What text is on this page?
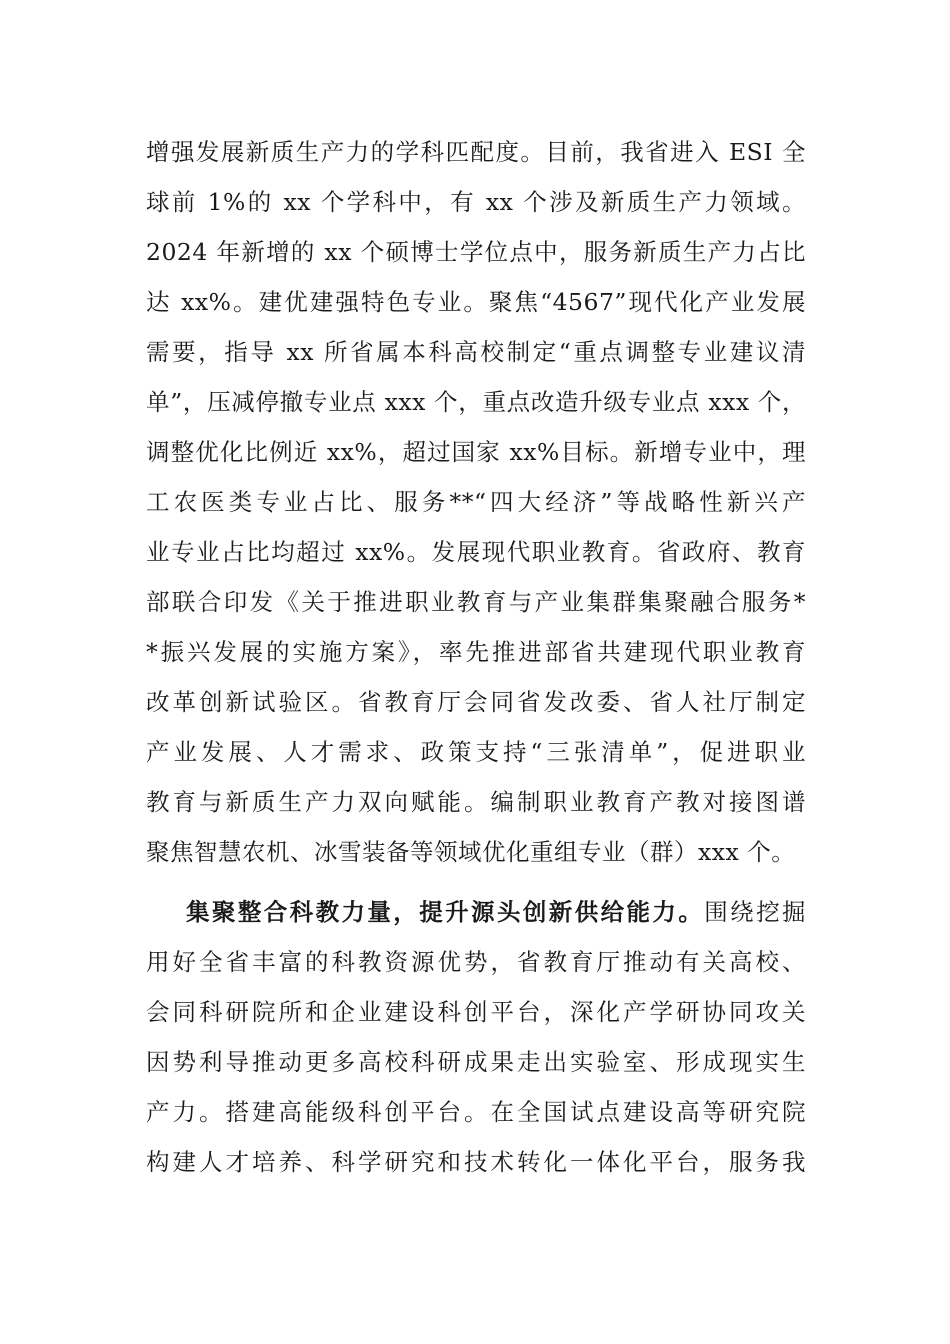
增强发展新质生产力的学科匹配度。目前，我省进入 ESI 全
球前 1%的 xx 个学科中，有 xx 个涉及新质生产力领域。
2024 年新增的 xx 个硕博士学位点中，服务新质生产力占比
达 xx%。建优建强特色专业。聚焦“4567”现代化产业发展
需要，指导 xx 所省属本科高校制定“重点调整专业建议清
单”，压减停撤专业点 xxx 个，重点改造升级专业点 xxx 个，
调整优化比例近 xx%，超过国家 xx%目标。新增专业中，理
工农医类专业占比、服务**“四大经济”等战略性新兴产
业专业占比均超过 xx%。发展现代职业教育。省政府、教育
部联合印发《关于推进职业教育与产业集群集聚融合服务*
*振兴发展的实施方案》，率先推进部省共建现代职业教育
改革创新试验区。省教育厅会同省发改委、省人社厅制定
产业发展、人才需求、政策支持“三张清单”，促进职业
教育与新质生产力双向赋能。编制职业教育产教对接图谱
聚焦智慧农机、冰雪装备等领域优化重组专业（群）xxx 个。
集聚整合科教力量，提升源头创新供给能力。围绕挖掘
用好全省丰富的科教资源优势，省教育厅推动有关高校、
会同科研院所和企业建设科创平台，深化产学研协同攻关
因势利导推动更多高校科研成果走出实验室、形成现实生
产力。搭建高能级科创平台。在全国试点建设高等研究院
构建人才培养、科学研究和技术转化一体化平台，服务我
